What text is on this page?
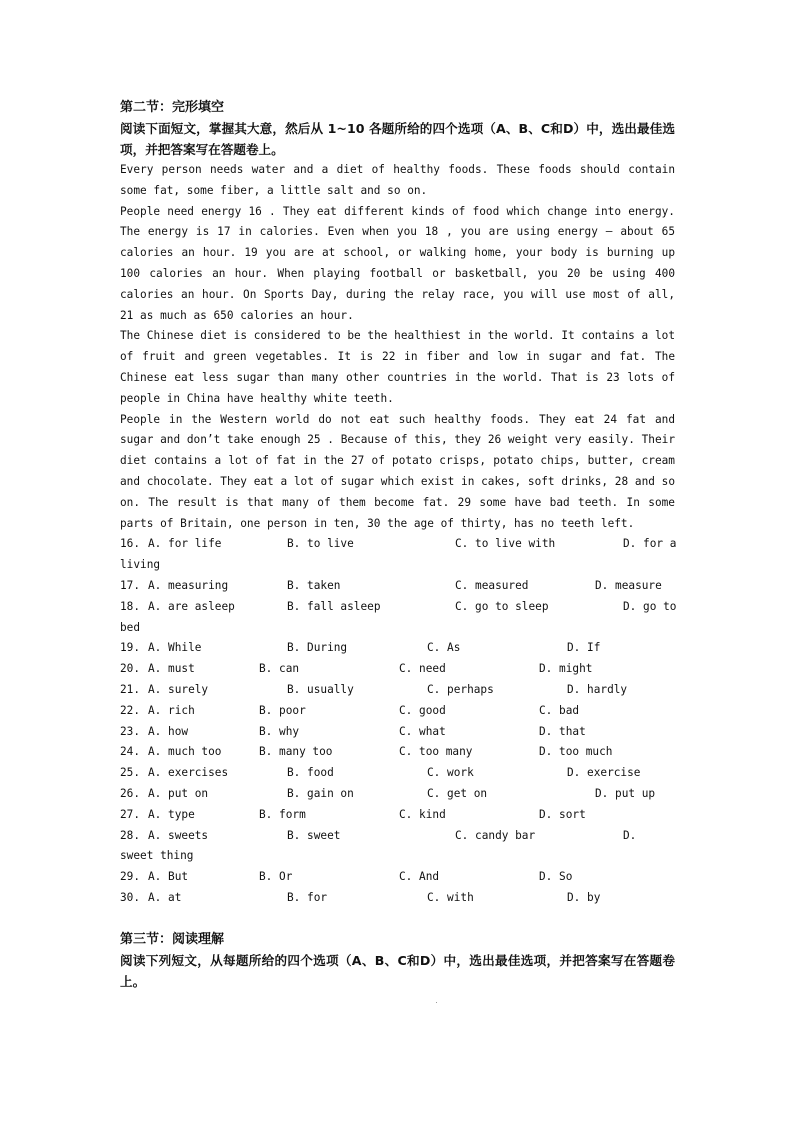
第二节：完形填空
阅读下面短文，掌握其大意，然后从 1~10 各题所给的四个选项（A、B、C和D）中，选出最佳选项，并把答案写在答题卷上。
Every person needs water and a diet of healthy foods. These foods should contain some fat, some fiber, a little salt and so on.
People need energy 16 . They eat different kinds of food which change into energy. The energy is 17 in calories. Even when you 18 , you are using energy – about 65 calories an hour. 19 you are at school, or walking home, your body is burning up 100 calories an hour. When playing football or basketball, you 20 be using 400 calories an hour. On Sports Day, during the relay race, you will use most of all, 21 as much as 650 calories an hour.
The Chinese diet is considered to be the healthiest in the world. It contains a lot of fruit and green vegetables. It is 22 in fiber and low in sugar and fat. The Chinese eat less sugar than many other countries in the world. That is 23 lots of people in China have healthy white teeth.
People in the Western world do not eat such healthy foods. They eat 24 fat and sugar and don’t take enough 25 . Because of this, they 26 weight very easily. Their diet contains a lot of fat in the 27 of potato crisps, potato chips, butter, cream and chocolate. They eat a lot of sugar which exist in cakes, soft drinks, 28 and so on. The result is that many of them become fat. 29 some have bad teeth. In some parts of Britain, one person in ten, 30 the age of thirty, has no teeth left.
16. A. for life	B. to live	C. to live with	D. for a
living
17. A. measuring	B. taken	C. measured	D. measure
18. A. are asleep	B. fall asleep	C. go to sleep	D. go to
bed
19. A. While	B. During	C. As	D. If
20. A. must	B. can	C. need	D. might
21. A. surely	B. usually	C. perhaps	D. hardly
22. A. rich	B. poor	C. good	C. bad
23. A. how	B. why	C. what	D. that
24. A. much too	B. many too	C. too many	D. too much
25. A. exercises	B. food	C. work	D. exercise
26. A. put on	B. gain on	C. get on	D. put up
27. A. type	B. form	C. kind	D. sort
28. A. sweets	B. sweet	C. candy bar	D.
sweet thing
29. A. But	B. Or	C. And	D. So
30. A. at	B. for	C. with	D. by
第三节：阅读理解
阅读下列短文，从每题所给的四个选项（A、B、C和D）中，选出最佳选项，并把答案写在答题卷上。
